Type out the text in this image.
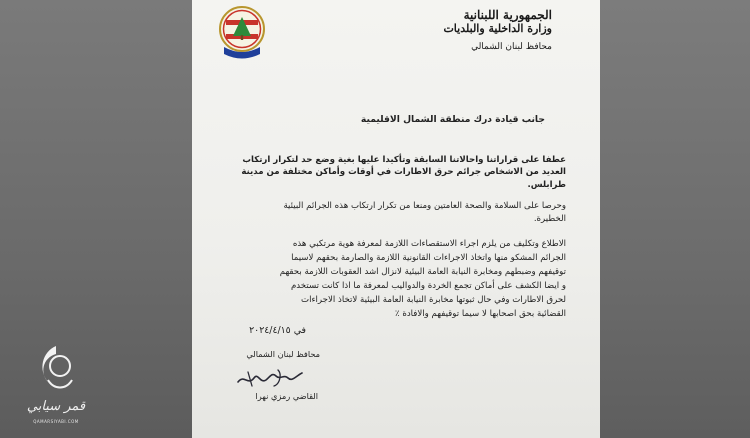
الجمهورية اللبنانية
وزارة الداخلية والبلديات
محافظ لبنان الشمالي
جانب قيادة درك منطقة الشمال الاقليمية
عطفا على قراراتنا واحالاتنا السابقة وتأكيدا عليها بغية وضع حد لتكرار ارتكاب
العديد من الاشخاص جرائم حرق الاطارات في أوقات وأماكن مختلفة من مدينة
طرابلس.
وحرصا على السلامة والصحة العامتين ومنعا من تكرار ارتكاب هذه الجرائم البيئية
الخطيرة.
الاطلاع وتكليف من يلزم اجراء الاستقصاءات اللازمة لمعرفة هوية مرتكبي هذه
الجرائم المشكو منها واتخاذ الاجراءات القانونية اللازمة والصارمة بحقهم لاسيما
توقيفهم وضبطهم ومخابرة النيابة العامة البيئية لانزال اشد العقوبات اللازمة بحقهم
و ايضا الكشف على أماكن تجمع الخردة والدواليب لمعرفة ما اذا كانت تستخدم
لحرق الاطارات وفي حال ثبوتها مخابرة النيابة العامة البيئية لاتخاذ الاجراءات
القضائية بحق اصحابها لا سيما توقيفهم والافادة ٪
في ٢٠٢٤/٤/١٥
محافظ لبنان الشمالي
القاضي رمزي نهرا
قمر سيابي
QAMARSIYABI.COM
